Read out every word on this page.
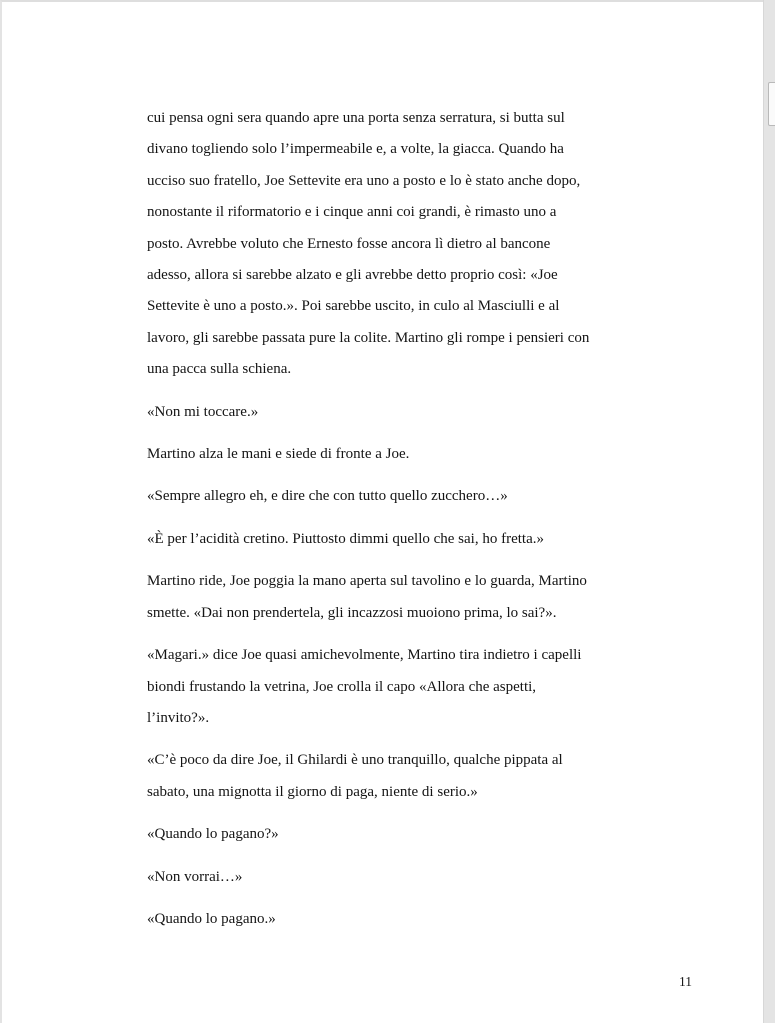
cui pensa ogni sera quando apre una porta senza serratura, si butta sul
divano togliendo solo l’impermeabile e, a volte, la giacca. Quando ha
ucciso suo fratello, Joe Settevite era uno a posto e lo è stato anche dopo,
nonostante il riformatorio e i cinque anni coi grandi, è rimasto uno a
posto. Avrebbe voluto che Ernesto fosse ancora lì dietro al bancone
adesso, allora si sarebbe alzato e gli avrebbe detto proprio così: «Joe
Settevite è uno a posto.». Poi sarebbe uscito, in culo al Masciulli e al
lavoro, gli sarebbe passata pure la colite. Martino gli rompe i pensieri con
una pacca sulla schiena.
«Non mi toccare.»
Martino alza le mani e siede di fronte a Joe.
«Sempre allegro eh, e dire che con tutto quello zucchero…»
«È per l’acidità cretino. Piuttosto dimmi quello che sai, ho fretta.»
Martino ride, Joe poggia la mano aperta sul tavolino e lo guarda, Martino
smette. «Dai non prendertela, gli incazzosi muoiono prima, lo sai?».
«Magari.» dice Joe quasi amichevolmente, Martino tira indietro i capelli
biondi frustando la vetrina, Joe crolla il capo «Allora che aspetti,
l’invito?».
«C’è poco da dire Joe, il Ghilardi è uno tranquillo, qualche pippata al
sabato, una mignotta il giorno di paga, niente di serio.»
«Quando lo pagano?»
«Non vorrai…»
«Quando lo pagano.»
11
